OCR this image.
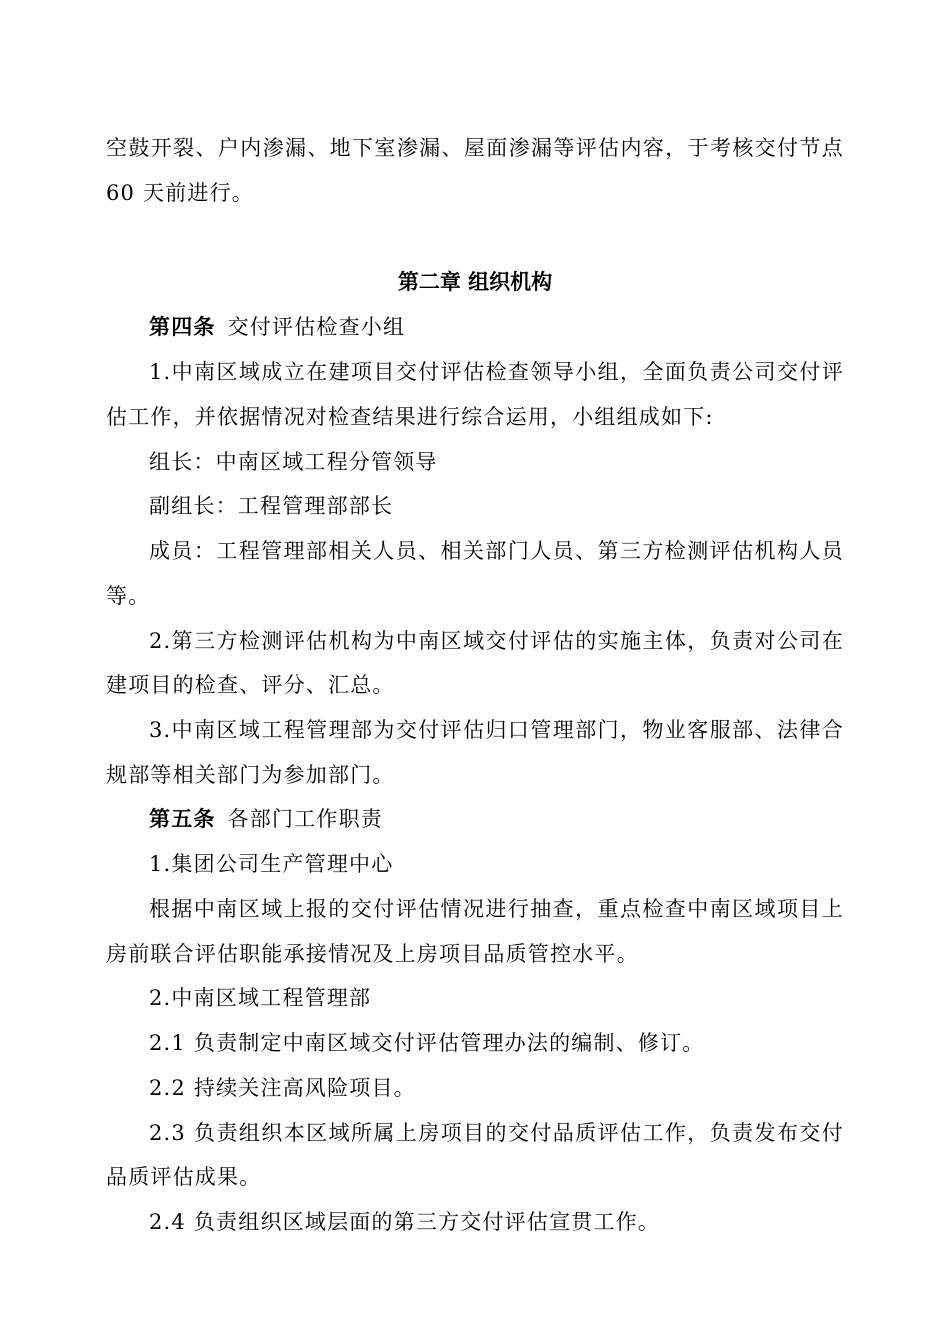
空鼓开裂、户内渗漏、地下室渗漏、屋面渗漏等评估内容，于考核交付节点
60 天前进行。
第二章 组织机构
第四条 交付评估检查小组
1.中南区域成立在建项目交付评估检查领导小组，全面负责公司交付评
估工作，并依据情况对检查结果进行综合运用，小组组成如下:
组长：中南区域工程分管领导
副组长：工程管理部部长
成员：工程管理部相关人员、相关部门人员、第三方检测评估机构人员
等。
2.第三方检测评估机构为中南区域交付评估的实施主体，负责对公司在
建项目的检查、评分、汇总。
3.中南区域工程管理部为交付评估归口管理部门，物业客服部、法律合
规部等相关部门为参加部门。
第五条 各部门工作职责
1.集团公司生产管理中心
根据中南区域上报的交付评估情况进行抽查，重点检查中南区域项目上
房前联合评估职能承接情况及上房项目品质管控水平。
2.中南区域工程管理部
2.1 负责制定中南区域交付评估管理办法的编制、修订。
2.2 持续关注高风险项目。
2.3 负责组织本区域所属上房项目的交付品质评估工作，负责发布交付
品质评估成果。
2.4 负责组织区域层面的第三方交付评估宣贯工作。
